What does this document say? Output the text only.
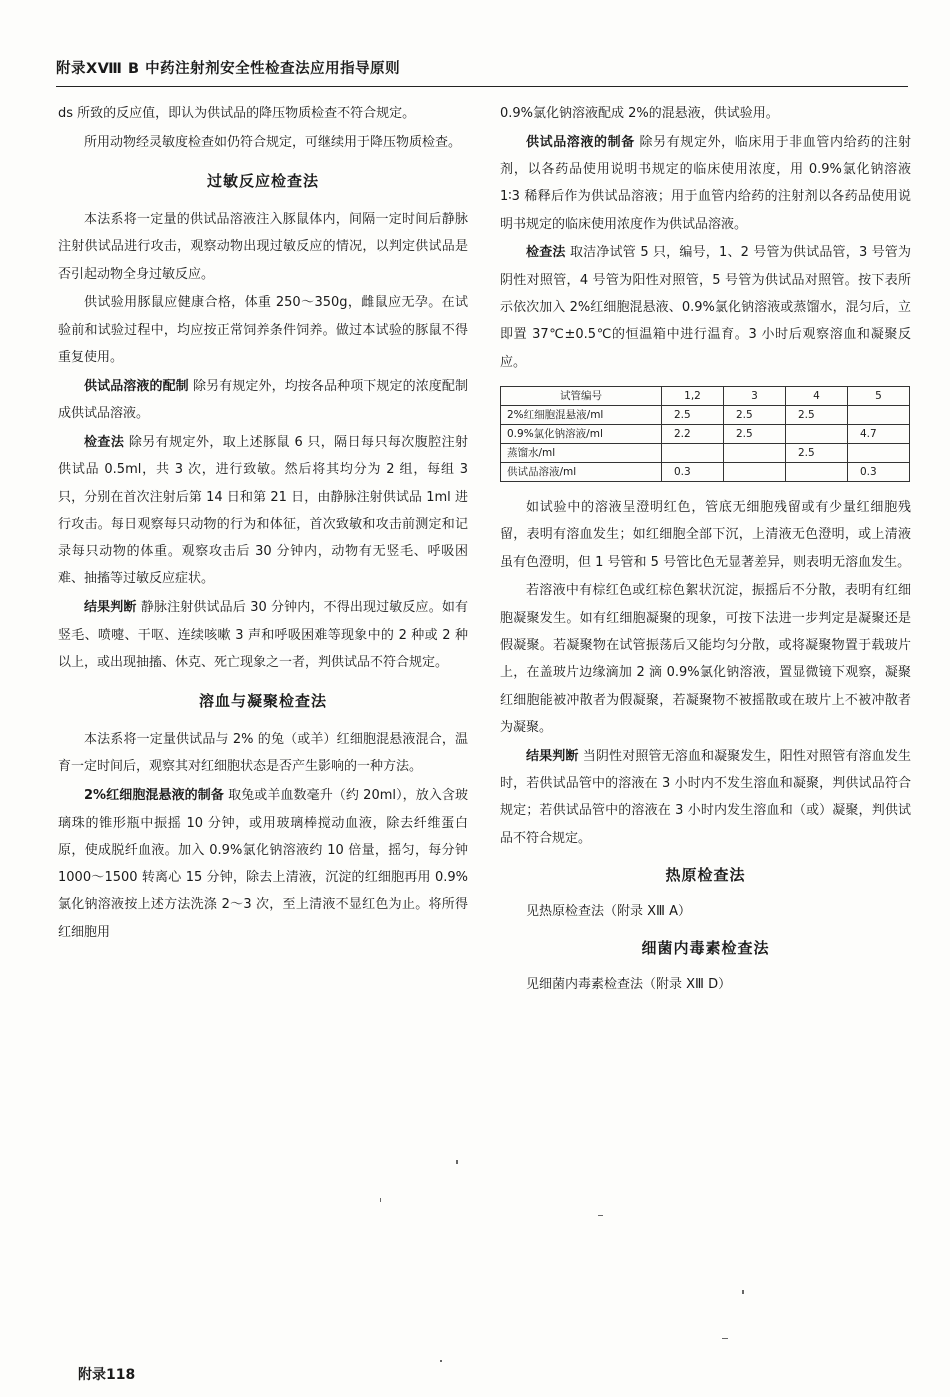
附录XⅧ B 中药注射剂安全性检查法应用指导原则

ds 所致的反应值，即认为供试品的降压物质检查不符合规定。

所用动物经灵敏度检查如仍符合规定，可继续用于降压物质检查。

过敏反应检查法

本法系将一定量的供试品溶液注入豚鼠体内，间隔一定时间后静脉注射供试品进行攻击，观察动物出现过敏反应的情况，以判定供试品是否引起动物全身过敏反应。

供试验用豚鼠应健康合格，体重 250～350g，雌鼠应无孕。在试验前和试验过程中，均应按正常饲养条件饲养。做过本试验的豚鼠不得重复使用。

供试品溶液的配制 除另有规定外，均按各品种项下规定的浓度配制成供试品溶液。

检查法 除另有规定外，取上述豚鼠 6 只，隔日每只每次腹腔注射供试品 0.5ml，共 3 次，进行致敏。然后将其均分为 2 组，每组 3 只，分别在首次注射后第 14 日和第 21 日，由静脉注射供试品 1ml 进行攻击。每日观察每只动物的行为和体征，首次致敏和攻击前测定和记录每只动物的体重。观察攻击后 30 分钟内，动物有无竖毛、呼吸困难、抽搐等过敏反应症状。

结果判断 静脉注射供试品后 30 分钟内，不得出现过敏反应。如有竖毛、喷嚏、干呕、连续咳嗽 3 声和呼吸困难等现象中的 2 种或 2 种以上，或出现抽搐、休克、死亡现象之一者，判供试品不符合规定。

溶血与凝聚检查法

本法系将一定量供试品与 2% 的兔（或羊）红细胞混悬液混合，温育一定时间后，观察其对红细胞状态是否产生影响的一种方法。

2%红细胞混悬液的制备 取兔或羊血数毫升（约 20ml），放入含玻璃珠的锥形瓶中振摇 10 分钟，或用玻璃棒搅动血液，除去纤维蛋白原，使成脱纤血液。加入 0.9%氯化钠溶液约 10 倍量，摇匀，每分钟 1000～1500 转离心 15 分钟，除去上清液，沉淀的红细胞再用 0.9%氯化钠溶液按上述方法洗涤 2～3 次，至上清液不显红色为止。将所得红细胞用

0.9%氯化钠溶液配成 2%的混悬液，供试验用。

供试品溶液的制备 除另有规定外，临床用于非血管内给药的注射剂，以各药品使用说明书规定的临床使用浓度，用 0.9%氯化钠溶液 1∶3 稀释后作为供试品溶液；用于血管内给药的注射剂以各药品使用说明书规定的临床使用浓度作为供试品溶液。

检查法 取洁净试管 5 只，编号，1、2 号管为供试品管，3 号管为阴性对照管，4 号管为阳性对照管，5 号管为供试品对照管。按下表所示依次加入 2%红细胞混悬液、0.9%氯化钠溶液或蒸馏水，混匀后，立即置 37℃±0.5℃的恒温箱中进行温育。3 小时后观察溶血和凝聚反应。

试管编号	1,2	3	4	5
2%红细胞混悬液/ml	2.5	2.5	2.5	
0.9%氯化钠溶液/ml	2.2	2.5		4.7
蒸馏水/ml			2.5	
供试品溶液/ml	0.3			0.3

如试验中的溶液呈澄明红色，管底无细胞残留或有少量红细胞残留，表明有溶血发生；如红细胞全部下沉，上清液无色澄明，或上清液虽有色澄明，但 1 号管和 5 号管比色无显著差异，则表明无溶血发生。

若溶液中有棕红色或红棕色絮状沉淀，振摇后不分散，表明有红细胞凝聚发生。如有红细胞凝聚的现象，可按下法进一步判定是凝聚还是假凝聚。若凝聚物在试管振荡后又能均匀分散，或将凝聚物置于载玻片上，在盖玻片边缘滴加 2 滴 0.9%氯化钠溶液，置显微镜下观察，凝聚红细胞能被冲散者为假凝聚，若凝聚物不被摇散或在玻片上不被冲散者为凝聚。

结果判断 当阴性对照管无溶血和凝聚发生，阳性对照管有溶血发生时，若供试品管中的溶液在 3 小时内不发生溶血和凝聚，判供试品符合规定；若供试品管中的溶液在 3 小时内发生溶血和（或）凝聚，判供试品不符合规定。

热原检查法

见热原检查法（附录 XⅢ A）

细菌内毒素检查法

见细菌内毒素检查法（附录 XⅢ D）

附录118
